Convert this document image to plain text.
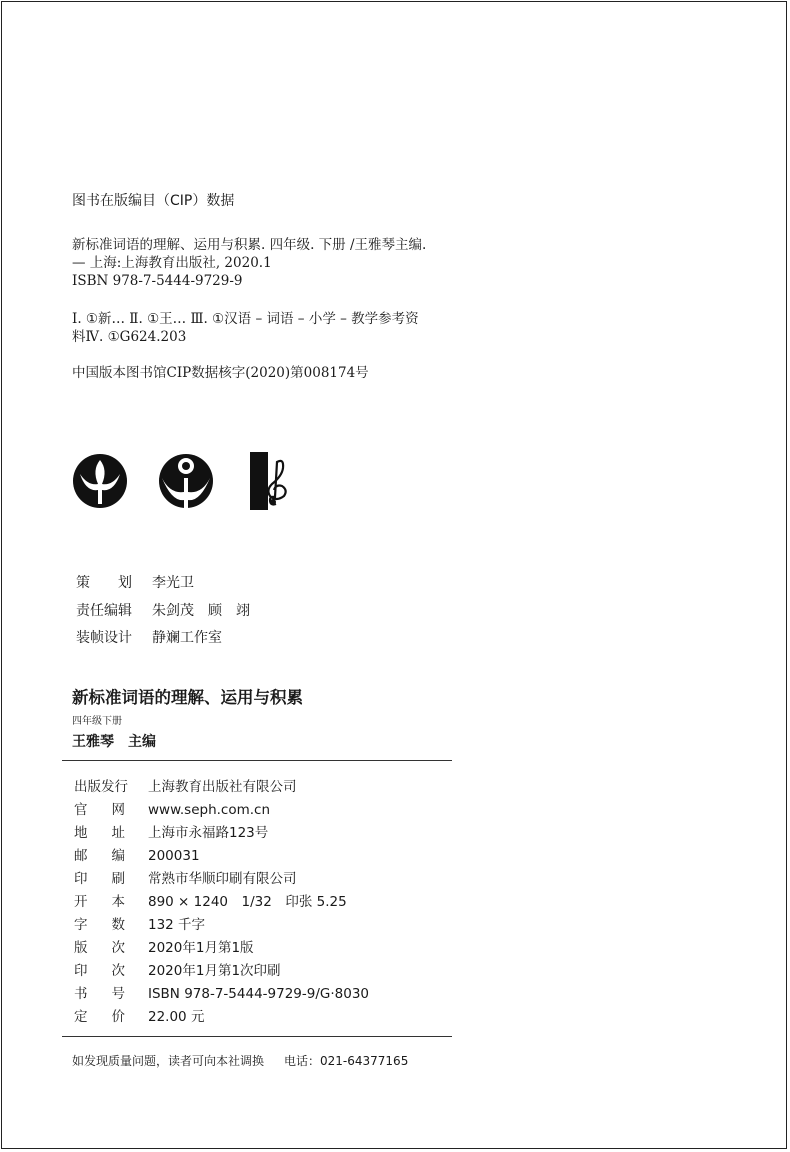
图书在版编目（CIP）数据
新标准词语的理解、运用与积累. 四年级. 下册 /王雅琴主编.
— 上海:上海教育出版社, 2020.1
ISBN 978-7-5444-9729-9
Ⅰ. ①新… Ⅱ. ①王… Ⅲ. ①汉语 – 词语 – 小学 – 教学参考资
料Ⅳ. ①G624.203
中国版本图书馆CIP数据核字(2020)第008174号
策划李光卫
责任编辑 朱剑茂　顾　翊
装帧设计 静斓工作室
新标准词语的理解、运用与积累
四年级下册
王雅琴　主编
出版发行 上海教育出版社有限公司
官网www.seph.com.cn
地址上海市永福路123号
邮编200031
印刷常熟市华顺印刷有限公司
开本890 × 1240　1/32　印张 5.25
字数132 千字
版次2020年1月第1版
印次2020年1月第1次印刷
书号ISBN 978-7-5444-9729-9/G·8030
定价22.00 元
如发现质量问题，读者可向本社调换 电话：021-64377165
